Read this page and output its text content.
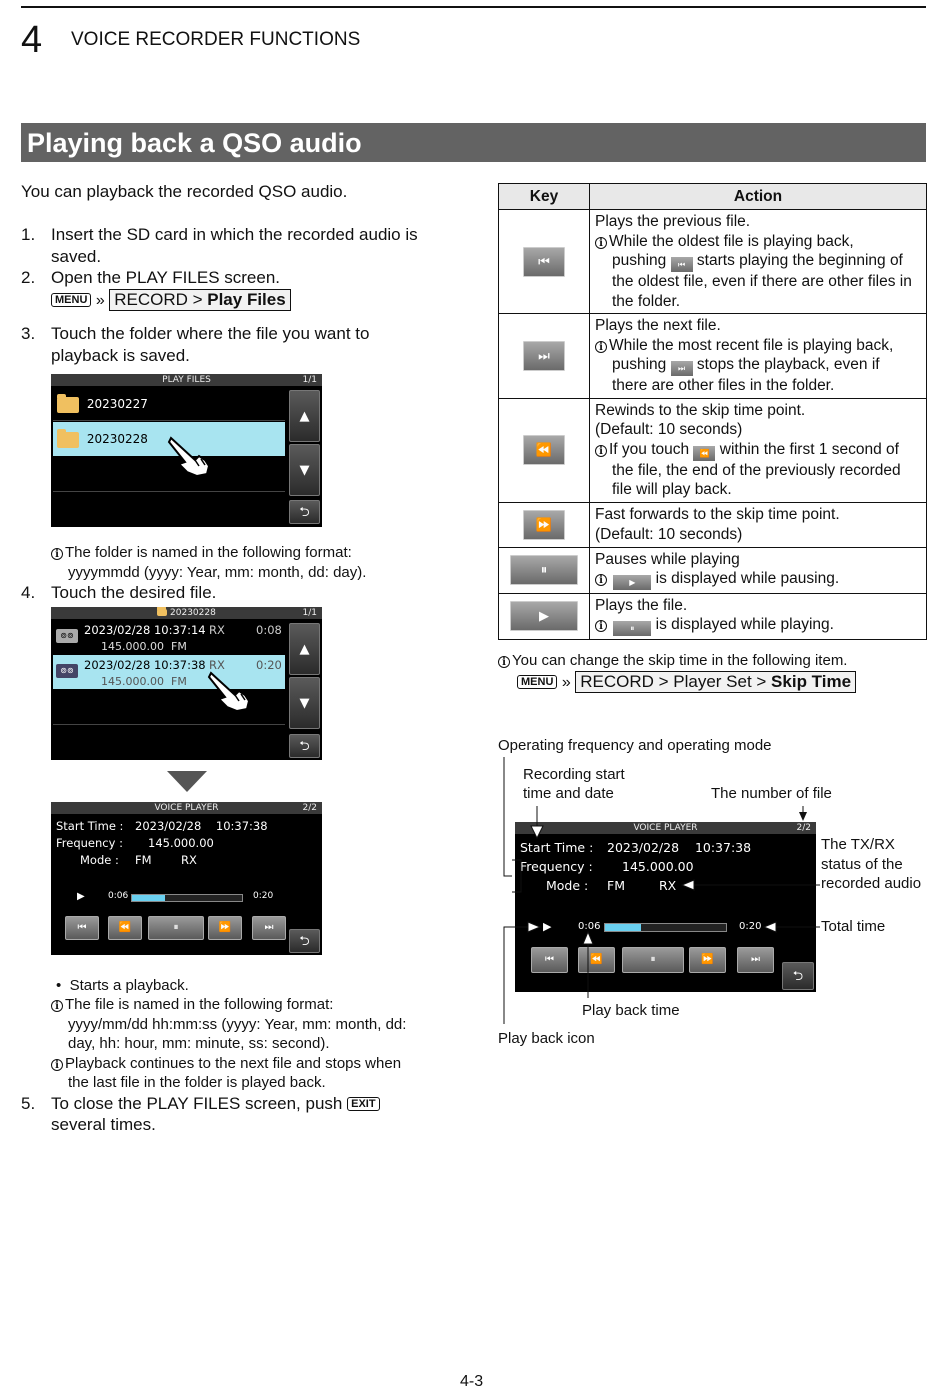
4 VOICE RECORDER FUNCTIONS
Playing back a QSO audio
You can playback the recorded QSO audio.
1. Insert the SD card in which the recorded audio is
saved.
2. Open the PLAY FILES screen.
MENU » RECORD > Play Files
3. Touch the folder where the file you want to
playback is saved.
PLAY FILES	1/1
20230227
20230228
▲
▼
⮌
i The folder is named in the following format:
yyyymmdd (yyyy: Year, mm: month, dd: day).
4. Touch the desired file.
20230228	1/1
⊚⊚ 2023/02/28 10:37:14 RX	0:08
145.000.00 FM
⊚⊚ 2023/02/28 10:37:38 RX	0:20
145.000.00 FM
▲
▼
⮌
VOICE PLAYER	2/2
Start Time : 2023/02/28    10:37:38
Frequency : 145.000.00
Mode : FM	RX
▶	0:06	0:20
⏮	⏪	⏸	⏩	⏭
⮌
•  Starts a playback.
i The file is named in the following format:
yyyy/mm/dd hh:mm:ss (yyyy: Year, mm: month, dd:
day, hh: hour, mm: minute, ss: second).
i Playback continues to the next file and stops when
the last file in the folder is played back.
5. To close the PLAY FILES screen, push EXIT
several times.
Key	Action

⏮	Plays the previous file.
i While the oldest file is playing back,
pushing ⏮ starts playing the beginning of
the oldest file, even if there are other files in
the folder.

⏭	Plays the next file.
i While the most recent file is playing back,
pushing ⏭ stops the playback, even if
there are other files in the folder.

⏪	Rewinds to the skip time point.
(Default: 10 seconds)
i If you touch ⏪ within the first 1 second of
the file, the end of the previously recorded
file will play back.

⏩	Fast forwards to the skip time point.
(Default: 10 seconds)

⏸	Pauses while playing
i ▶ is displayed while pausing.

▶	Plays the file.
i ⏸ is displayed while playing.
i You can change the skip time in the following item.
MENU » RECORD > Player Set > Skip Time
Operating frequency and operating mode
Recording start
time and date	The number of file
The TX/RX
status of the
recorded audio
Total time
Play back time
Play back icon
VOICE PLAYER	2/2
Start Time : 2023/02/28    10:37:38
Frequency : 145.000.00
Mode : FM	RX
▶	0:06	0:20
⏮	⏪	⏸	⏩	⏭
⮌
4-3
